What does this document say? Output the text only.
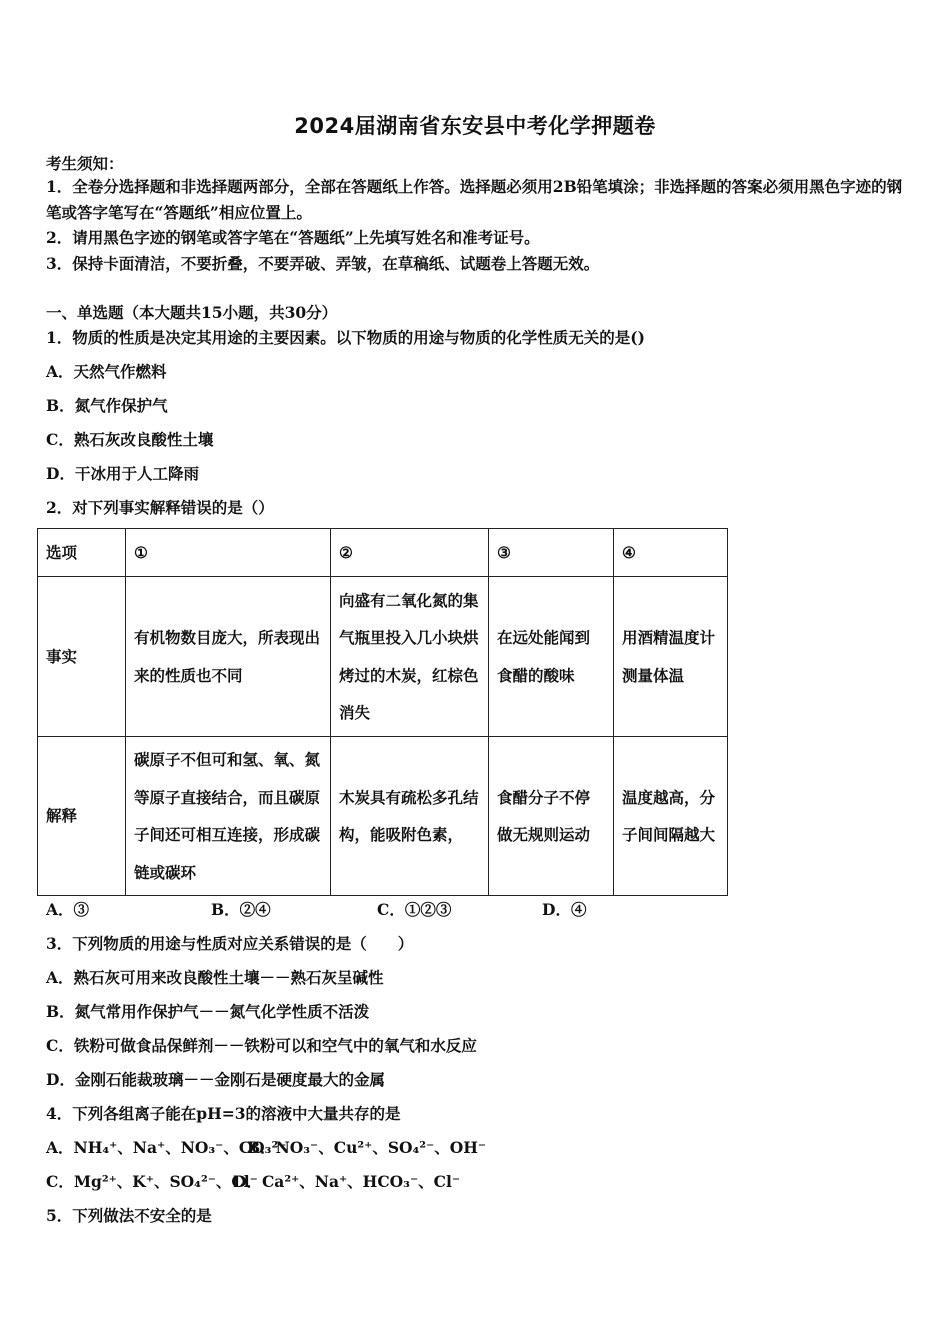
2024届湖南省东安县中考化学押题卷
考生须知：

1．全卷分选择题和非选择题两部分，全部在答题纸上作答。选择题必须用2B铅笔填涂；非选择题的答案必须用黑色字迹的钢笔或答字笔写在“答题纸”相应位置上。

2．请用黑色字迹的钢笔或答字笔在“答题纸”上先填写姓名和准考证号。

3．保持卡面清洁，不要折叠，不要弄破、弄皱，在草稿纸、试题卷上答题无效。

一、单选题（本大题共15小题，共30分）
1．物质的性质是决定其用途的主要因素。以下物质的用途与物质的化学性质无关的是()
A．天然气作燃料
B．氮气作保护气
C．熟石灰改良酸性土壤
D．干冰用于人工降雨
2．对下列事实解释错误的是（）
选项	①	②	③	④
事实	有机物数目庞大，所表现出来的性质也不同	向盛有二氧化氮的集气瓶里投入几小块烘烤过的木炭，红棕色消失	在远处能闻到食醋的酸味	用酒精温度计测量体温
解释	碳原子不但可和氢、氧、氮等原子直接结合，而且碳原子间还可相互连接，形成碳链或碳环	木炭具有疏松多孔结构，能吸附色素，	食醋分子不停做无规则运动	温度越高，分子间间隔越大
A．③	B．②④	C．①②③	D．④
3．下列物质的用途与性质对应关系错误的是（　　）
A．熟石灰可用来改良酸性土壤－－熟石灰呈碱性
B．氮气常用作保护气－－氮气化学性质不活泼
C．铁粉可做食品保鲜剂－－铁粉可以和空气中的氧气和水反应
D．金刚石能裁玻璃－－金刚石是硬度最大的金属
4．下列各组离子能在pH=3的溶液中大量共存的是
A．NH₄⁺、Na⁺、NO₃⁻、CO₃²⁻
B．NO₃⁻、Cu²⁺、SO₄²⁻、OH⁻
C．Mg²⁺、K⁺、SO₄²⁻、Cl⁻
D．Ca²⁺、Na⁺、HCO₃⁻、Cl⁻
5．下列做法不安全的是
